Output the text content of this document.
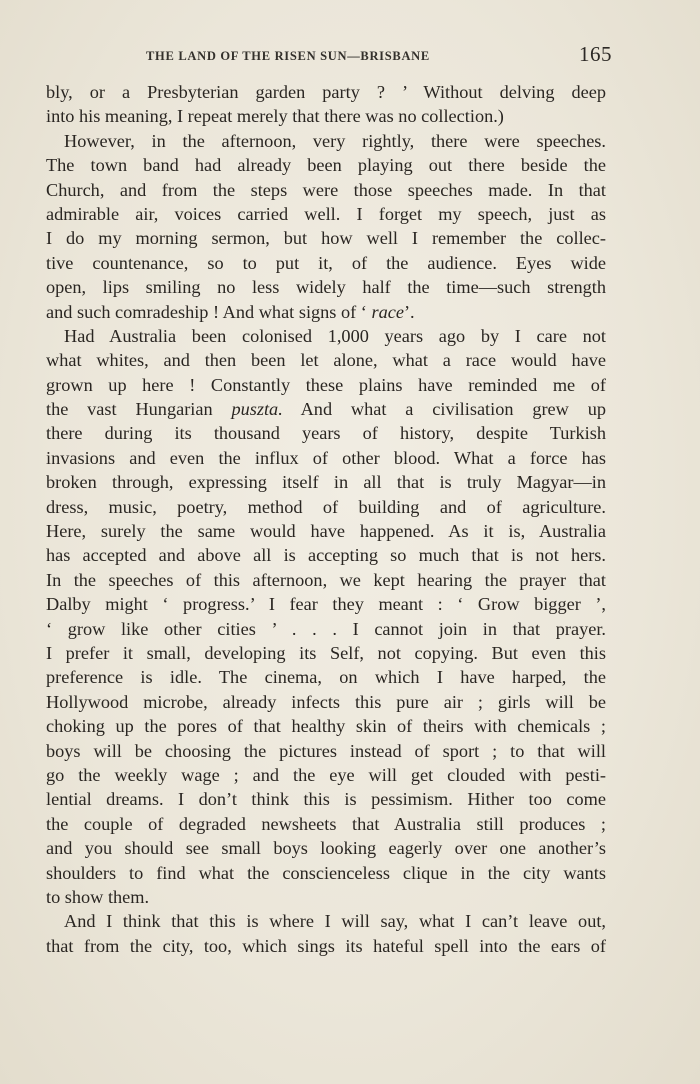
THE LAND OF THE RISEN SUN—BRISBANE	165
bly, or a Presbyterian garden party ? ’ Without delving deep
into his meaning, I repeat merely that there was no collection.)
However, in the afternoon, very rightly, there were speeches.
The town band had already been playing out there beside the
Church, and from the steps were those speeches made. In that
admirable air, voices carried well. I forget my speech, just as
I do my morning sermon, but how well I remember the collec-
tive countenance, so to put it, of the audience. Eyes wide
open, lips smiling no less widely half the time—such strength
and such comradeship ! And what signs of ‘ race’.
Had Australia been colonised 1,000 years ago by I care not
what whites, and then been let alone, what a race would have
grown up here ! Constantly these plains have reminded me of
the vast Hungarian puszta. And what a civilisation grew up
there during its thousand years of history, despite Turkish
invasions and even the influx of other blood. What a force has
broken through, expressing itself in all that is truly Magyar—in
dress, music, poetry, method of building and of agriculture.
Here, surely the same would have happened. As it is, Australia
has accepted and above all is accepting so much that is not hers.
In the speeches of this afternoon, we kept hearing the prayer that
Dalby might ‘ progress.’ I fear they meant : ‘ Grow bigger ’,
‘ grow like other cities ’ . . . I cannot join in that prayer.
I prefer it small, developing its Self, not copying. But even this
preference is idle. The cinema, on which I have harped, the
Hollywood microbe, already infects this pure air ; girls will be
choking up the pores of that healthy skin of theirs with chemicals ;
boys will be choosing the pictures instead of sport ; to that will
go the weekly wage ; and the eye will get clouded with pesti-
lential dreams. I don’t think this is pessimism. Hither too come
the couple of degraded newsheets that Australia still produces ;
and you should see small boys looking eagerly over one another’s
shoulders to find what the conscienceless clique in the city wants
to show them.
And I think that this is where I will say, what I can’t leave out,
that from the city, too, which sings its hateful spell into the ears of
